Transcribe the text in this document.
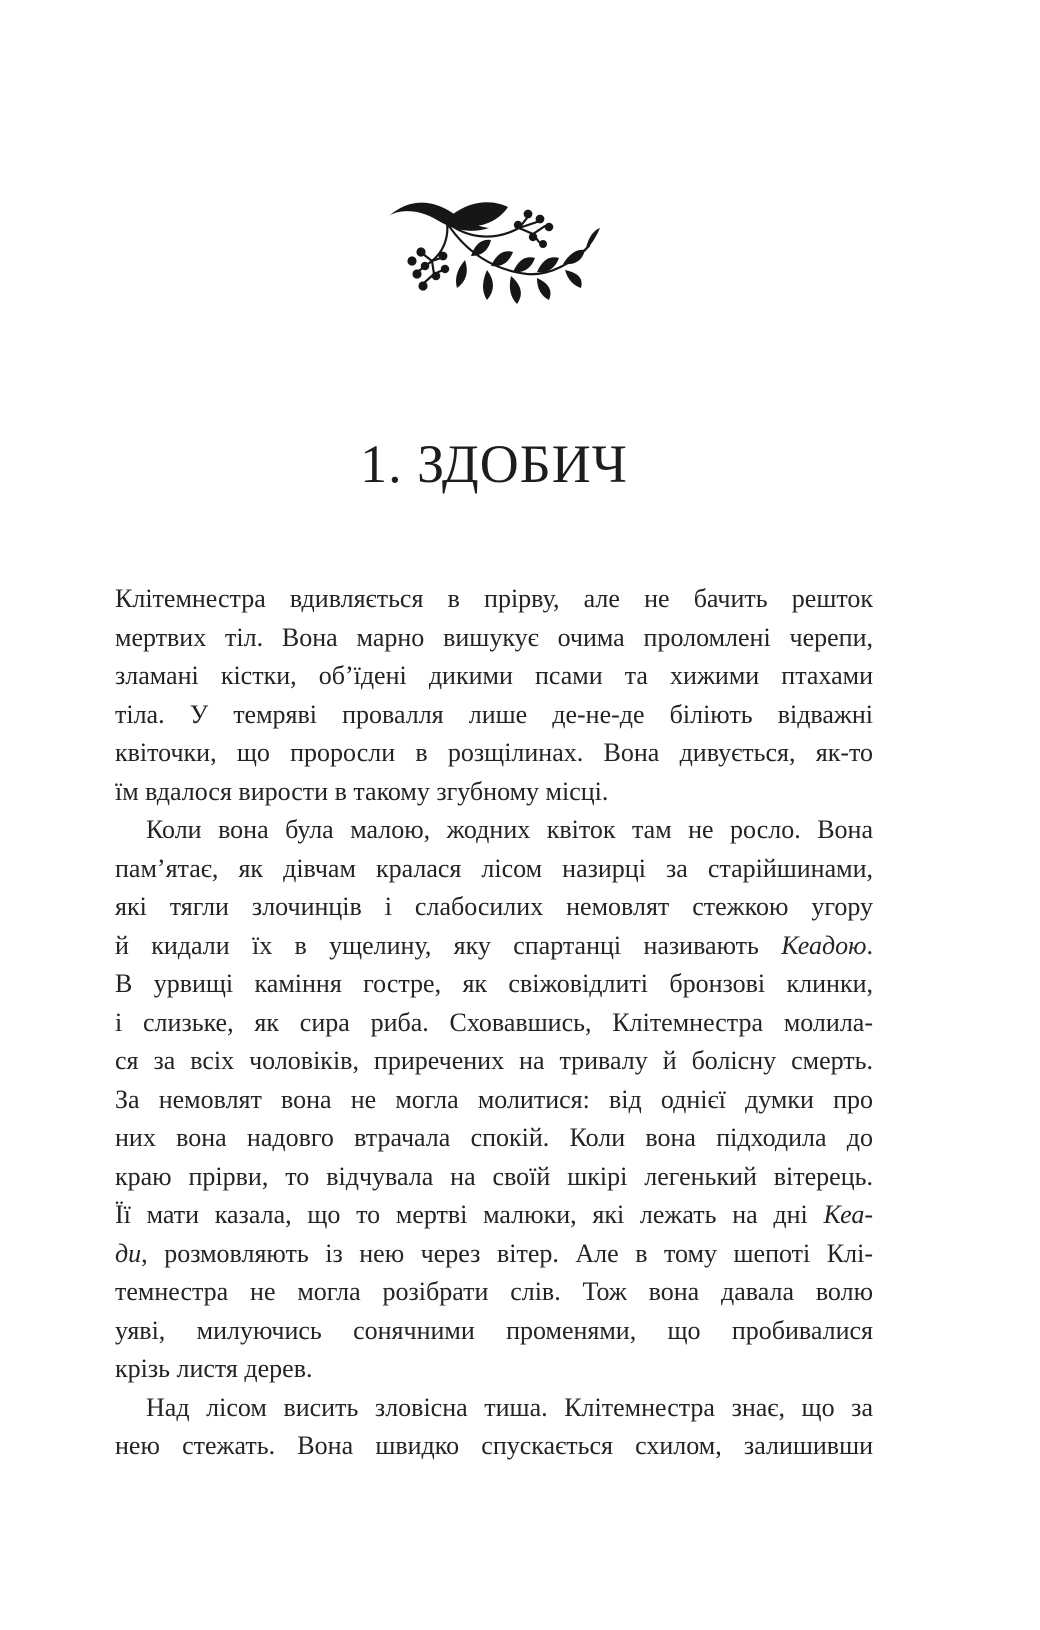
1. ЗДОБИЧ
Клітемнестра вдивляється в прірву, але не бачить решток
мертвих тіл. Вона марно вишукує очима проломлені черепи,
зламані кістки, об’їдені дикими псами та хижими птахами
тіла. У темряві провалля лише де-не-де біліють відважні
квіточки, що проросли в розщілинах. Вона дивується, як-то
їм вдалося вирости в такому згубному місці.
Коли вона була малою, жодних квіток там не росло. Вона
пам’ятає, як дівчам кралася лісом назирці за старійшинами,
які тягли злочинців і слабосилих немовлят стежкою угору
й кидали їх в ущелину, яку спартанці називають Кеадою.
В урвищі каміння гостре, як свіжовідлиті бронзові клинки,
і слизьке, як сира риба. Сховавшись, Клітемнестра молила-
ся за всіх чоловіків, приречених на тривалу й болісну смерть.
За немовлят вона не могла молитися: від однієї думки про
них вона надовго втрачала спокій. Коли вона підходила до
краю прірви, то відчувала на своїй шкірі легенький вітерець.
Її мати казала, що то мертві малюки, які лежать на дні Кеа-
ди, розмовляють із нею через вітер. Але в тому шепоті Клі-
темнестра не могла розібрати слів. Тож вона давала волю
уяві, милуючись сонячними променями, що пробивалися
крізь листя дерев.
Над лісом висить зловісна тиша. Клітемнестра знає, що за
нею стежать. Вона швидко спускається схилом, залишивши
